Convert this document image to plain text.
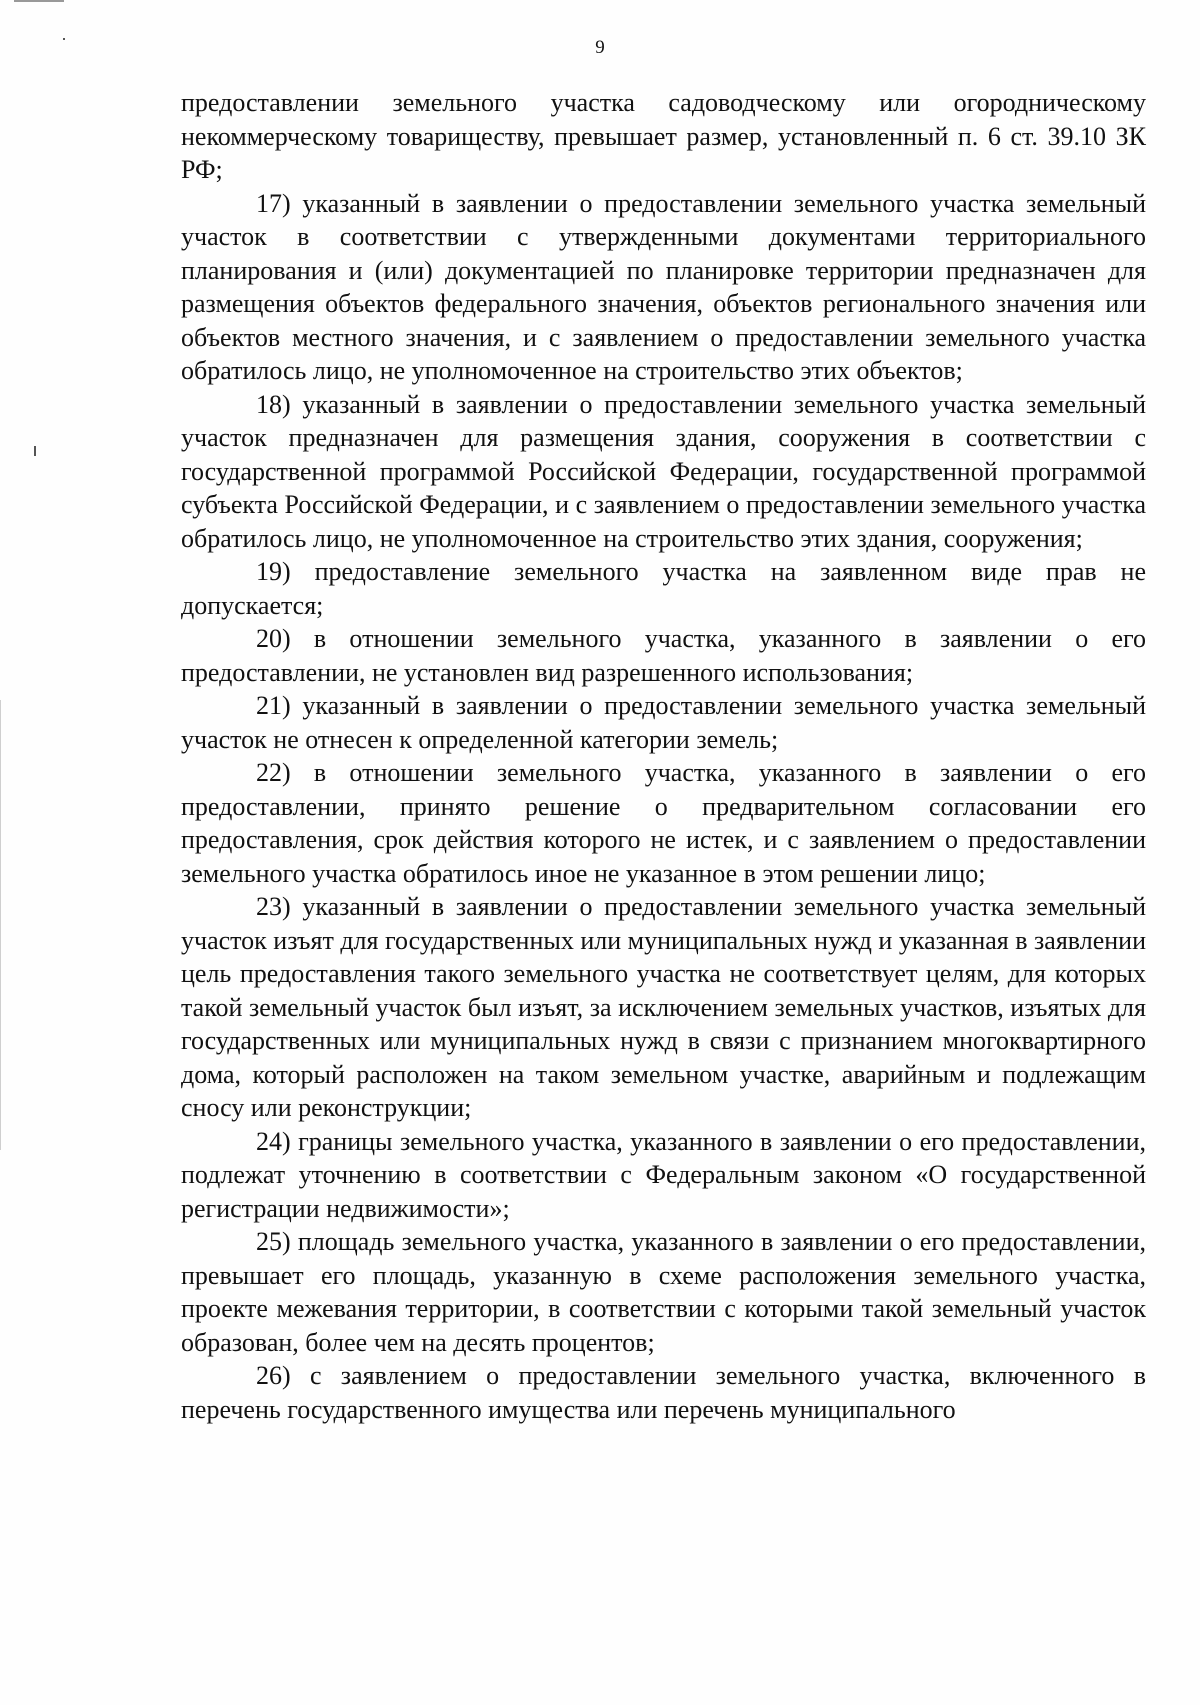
9

предоставлении земельного участка садоводческому или огородническому некоммерческому товариществу, превышает размер, установленный п. 6 ст. 39.10 ЗК РФ;

17) указанный в заявлении о предоставлении земельного участка земельный участок в соответствии с утвержденными документами территориального планирования и (или) документацией по планировке территории предназначен для размещения объектов федерального значения, объектов регионального значения или объектов местного значения, и с заявлением о предоставлении земельного участка обратилось лицо, не уполномоченное на строительство этих объектов;

18) указанный в заявлении о предоставлении земельного участка земельный участок предназначен для размещения здания, сооружения в соответствии с государственной программой Российской Федерации, государственной программой субъекта Российской Федерации, и с заявлением о предоставлении земельного участка обратилось лицо, не уполномоченное на строительство этих здания, сооружения;

19) предоставление земельного участка на заявленном виде прав не допускается;

20) в отношении земельного участка, указанного в заявлении о его предоставлении, не установлен вид разрешенного использования;

21) указанный в заявлении о предоставлении земельного участка земельный участок не отнесен к определенной категории земель;

22) в отношении земельного участка, указанного в заявлении о его предоставлении, принято решение о предварительном согласовании его предоставления, срок действия которого не истек, и с заявлением о предоставлении земельного участка обратилось иное не указанное в этом решении лицо;

23) указанный в заявлении о предоставлении земельного участка земельный участок изъят для государственных или муниципальных нужд и указанная в заявлении цель предоставления такого земельного участка не соответствует целям, для которых такой земельный участок был изъят, за исключением земельных участков, изъятых для государственных или муниципальных нужд в связи с признанием многоквартирного дома, который расположен на таком земельном участке, аварийным и подлежащим сносу или реконструкции;

24) границы земельного участка, указанного в заявлении о его предоставлении, подлежат уточнению в соответствии с Федеральным законом «О государственной регистрации недвижимости»;

25) площадь земельного участка, указанного в заявлении о его предоставлении, превышает его площадь, указанную в схеме расположения земельного участка, проекте межевания территории, в соответствии с которыми такой земельный участок образован, более чем на десять процентов;

26) с заявлением о предоставлении земельного участка, включенного в перечень государственного имущества или перечень муниципального
